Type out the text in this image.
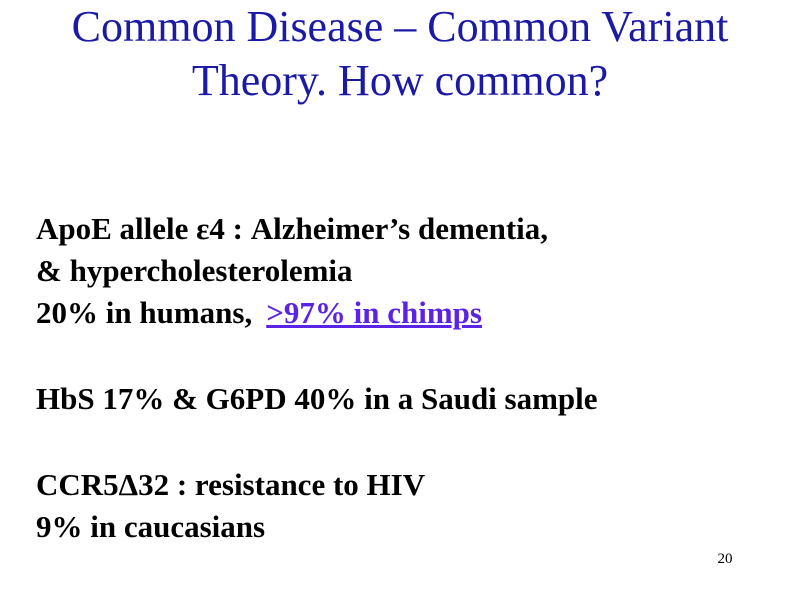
Common Disease – Common Variant
Theory. How common?
ApoE allele ε4 : Alzheimer’s dementia,
& hypercholesterolemia
20% in humans, >97% in chimps
HbS 17% & G6PD 40% in a Saudi sample
CCR5Δ32 : resistance to HIV
9% in caucasians
20
